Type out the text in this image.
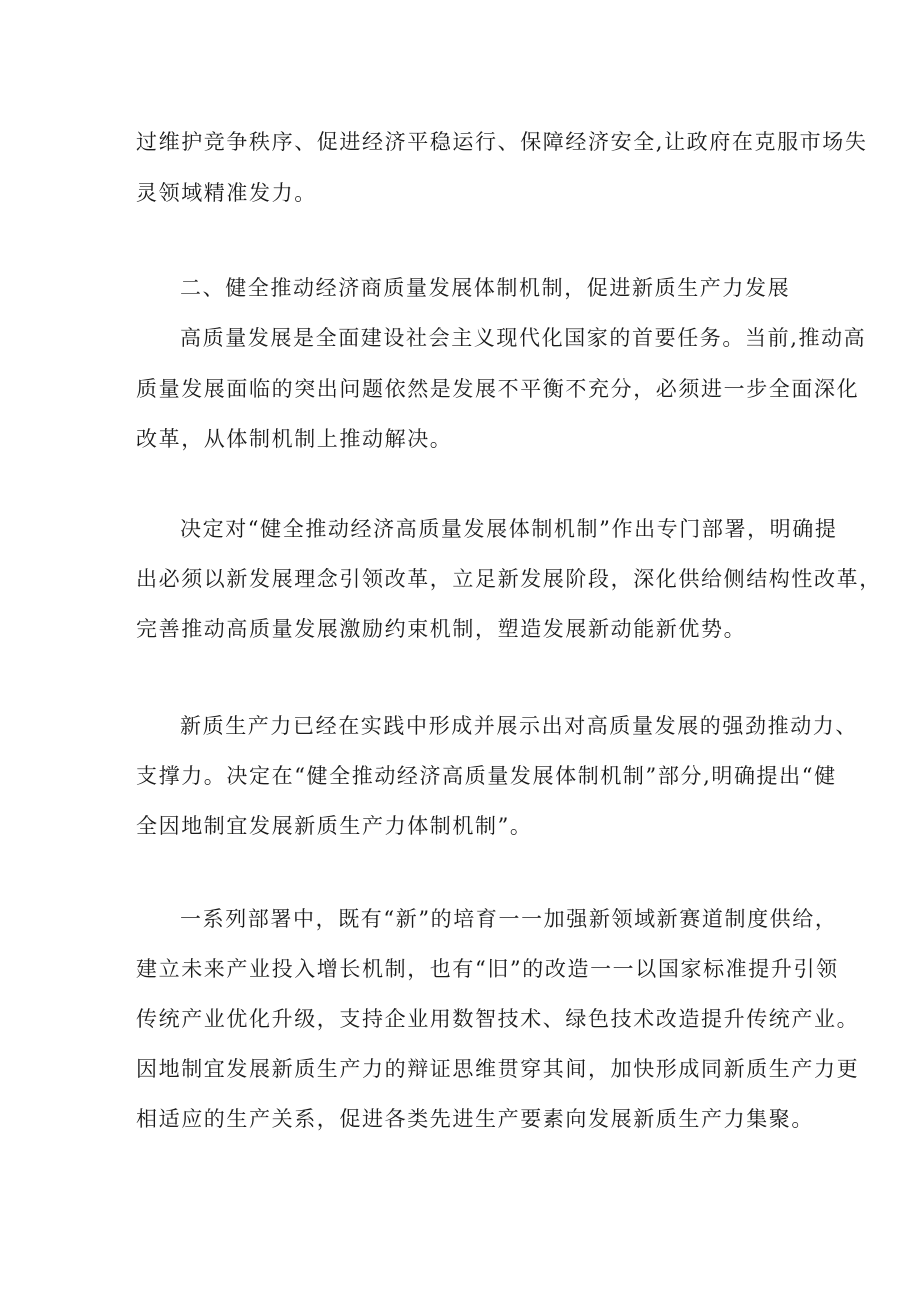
过维护竞争秩序、促进经济平稳运行、保障经济安全,让政府在克服市场失
灵领域精准发力。
二、健全推动经济商质量发展体制机制，促进新质生产力发展
高质量发展是全面建设社会主义现代化国家的首要任务。当前,推动高
质量发展面临的突出问题依然是发展不平衡不充分，必须进一步全面深化
改革，从体制机制上推动解决。
决定对“健全推动经济高质量发展体制机制”作出专门部署，明确提
出必须以新发展理念引领改革，立足新发展阶段，深化供给侧结构性改革，
完善推动高质量发展激励约束机制，塑造发展新动能新优势。
新质生产力已经在实践中形成并展示出对高质量发展的强劲推动力、
支撑力。决定在“健全推动经济高质量发展体制机制”部分,明确提出“健
全因地制宜发展新质生产力体制机制”。
一系列部署中，既有“新”的培育一一加强新领域新赛道制度供给，
建立未来产业投入增长机制，也有“旧”的改造一一以国家标准提升引领
传统产业优化升级，支持企业用数智技术、绿色技术改造提升传统产业。
因地制宜发展新质生产力的辩证思维贯穿其间，加快形成同新质生产力更
相适应的生产关系，促进各类先进生产要素向发展新质生产力集聚。
